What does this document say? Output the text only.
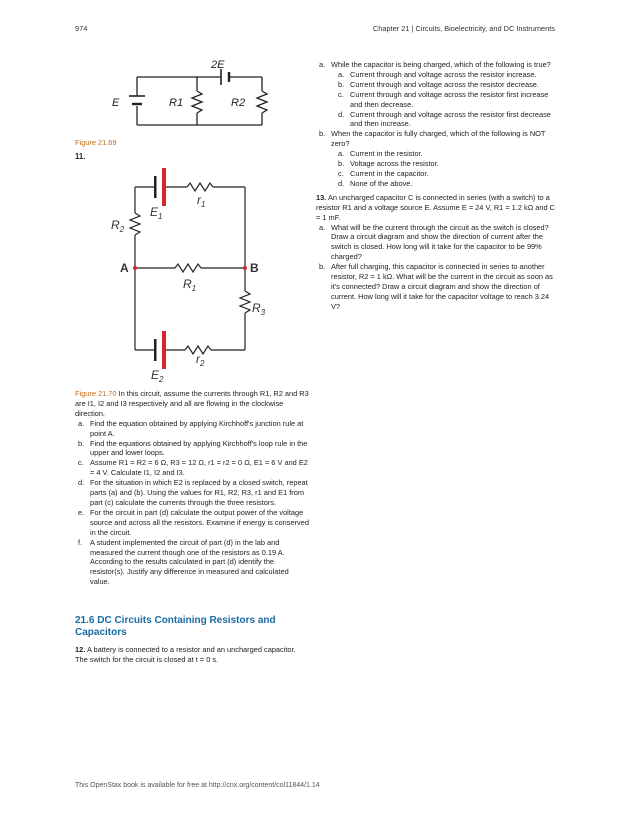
974	Chapter 21 | Circuits, Bioelectricity, and DC Instruments
2E
E	R1	R2
Figure 21.69
11.
$E_1$
$r_1$
$R_2$
A	B
$R_1$
$R_3$
$r_2$
$E_2$

Figure 21.70 In this circuit, assume the currents through R1, R2 and R3 are I1, I2 and I3 respectively and all are flowing in the clockwise direction.

a. Find the equation obtained by applying Kirchhoff's junction rule at point A.
b. Find the equations obtained by applying Kirchhoff's loop rule in the upper and lower loops.
c. Assume R1 = R2 = 6 Ω, R3 = 12 Ω, r1 = r2 = 0 Ω, E1 = 6 V and E2 = 4 V. Calculate I1, I2 and I3.
d. For the situation in which E2 is replaced by a closed switch, repeat parts (a) and (b). Using the values for R1, R2, R3, r1 and E1 from part (c) calculate the currents through the three resistors.
e. For the circuit in part (d) calculate the output power of the voltage source and across all the resistors. Examine if energy is conserved in the circuit.
f. A student implemented the circuit of part (d) in the lab and measured the current though one of the resistors as 0.19 A. According to the results calculated in part (d) identify the resistor(s). Justify any difference in measured and calculated value.
21.6 DC Circuits Containing Resistors and Capacitors

12. A battery is connected to a resistor and an uncharged capacitor. The switch for the circuit is closed at t = 0 s.

a. While the capacitor is being charged, which of the following is true?
a. Current through and voltage across the resistor increase.
b. Current through and voltage across the resistor decrease.
c. Current through and voltage across the resistor first increase and then decrease.
d. Current through and voltage across the resistor first decrease and then increase.
b. When the capacitor is fully charged, which of the following is NOT zero?
a. Current in the resistor.
b. Voltage across the resistor.
c. Current in the capacitor.
d. None of the above.

13. An uncharged capacitor C is connected in series (with a switch) to a resistor R1 and a voltage source E. Assume E = 24 V, R1 = 1.2 kΩ and C = 1 mF.

a. What will be the current through the circuit as the switch is closed? Draw a circuit diagram and show the direction of current after the switch is closed. How long will it take for the capacitor to be 99% charged?
b. After full charging, this capacitor is connected in series to another resistor, R2 = 1 kΩ. What will be the current in the circuit as soon as it's connected? Draw a circuit diagram and show the direction of current. How long will it take for the capacitor voltage to reach 3.24 V?
This OpenStax book is available for free at http://cnx.org/content/col11844/1.14
